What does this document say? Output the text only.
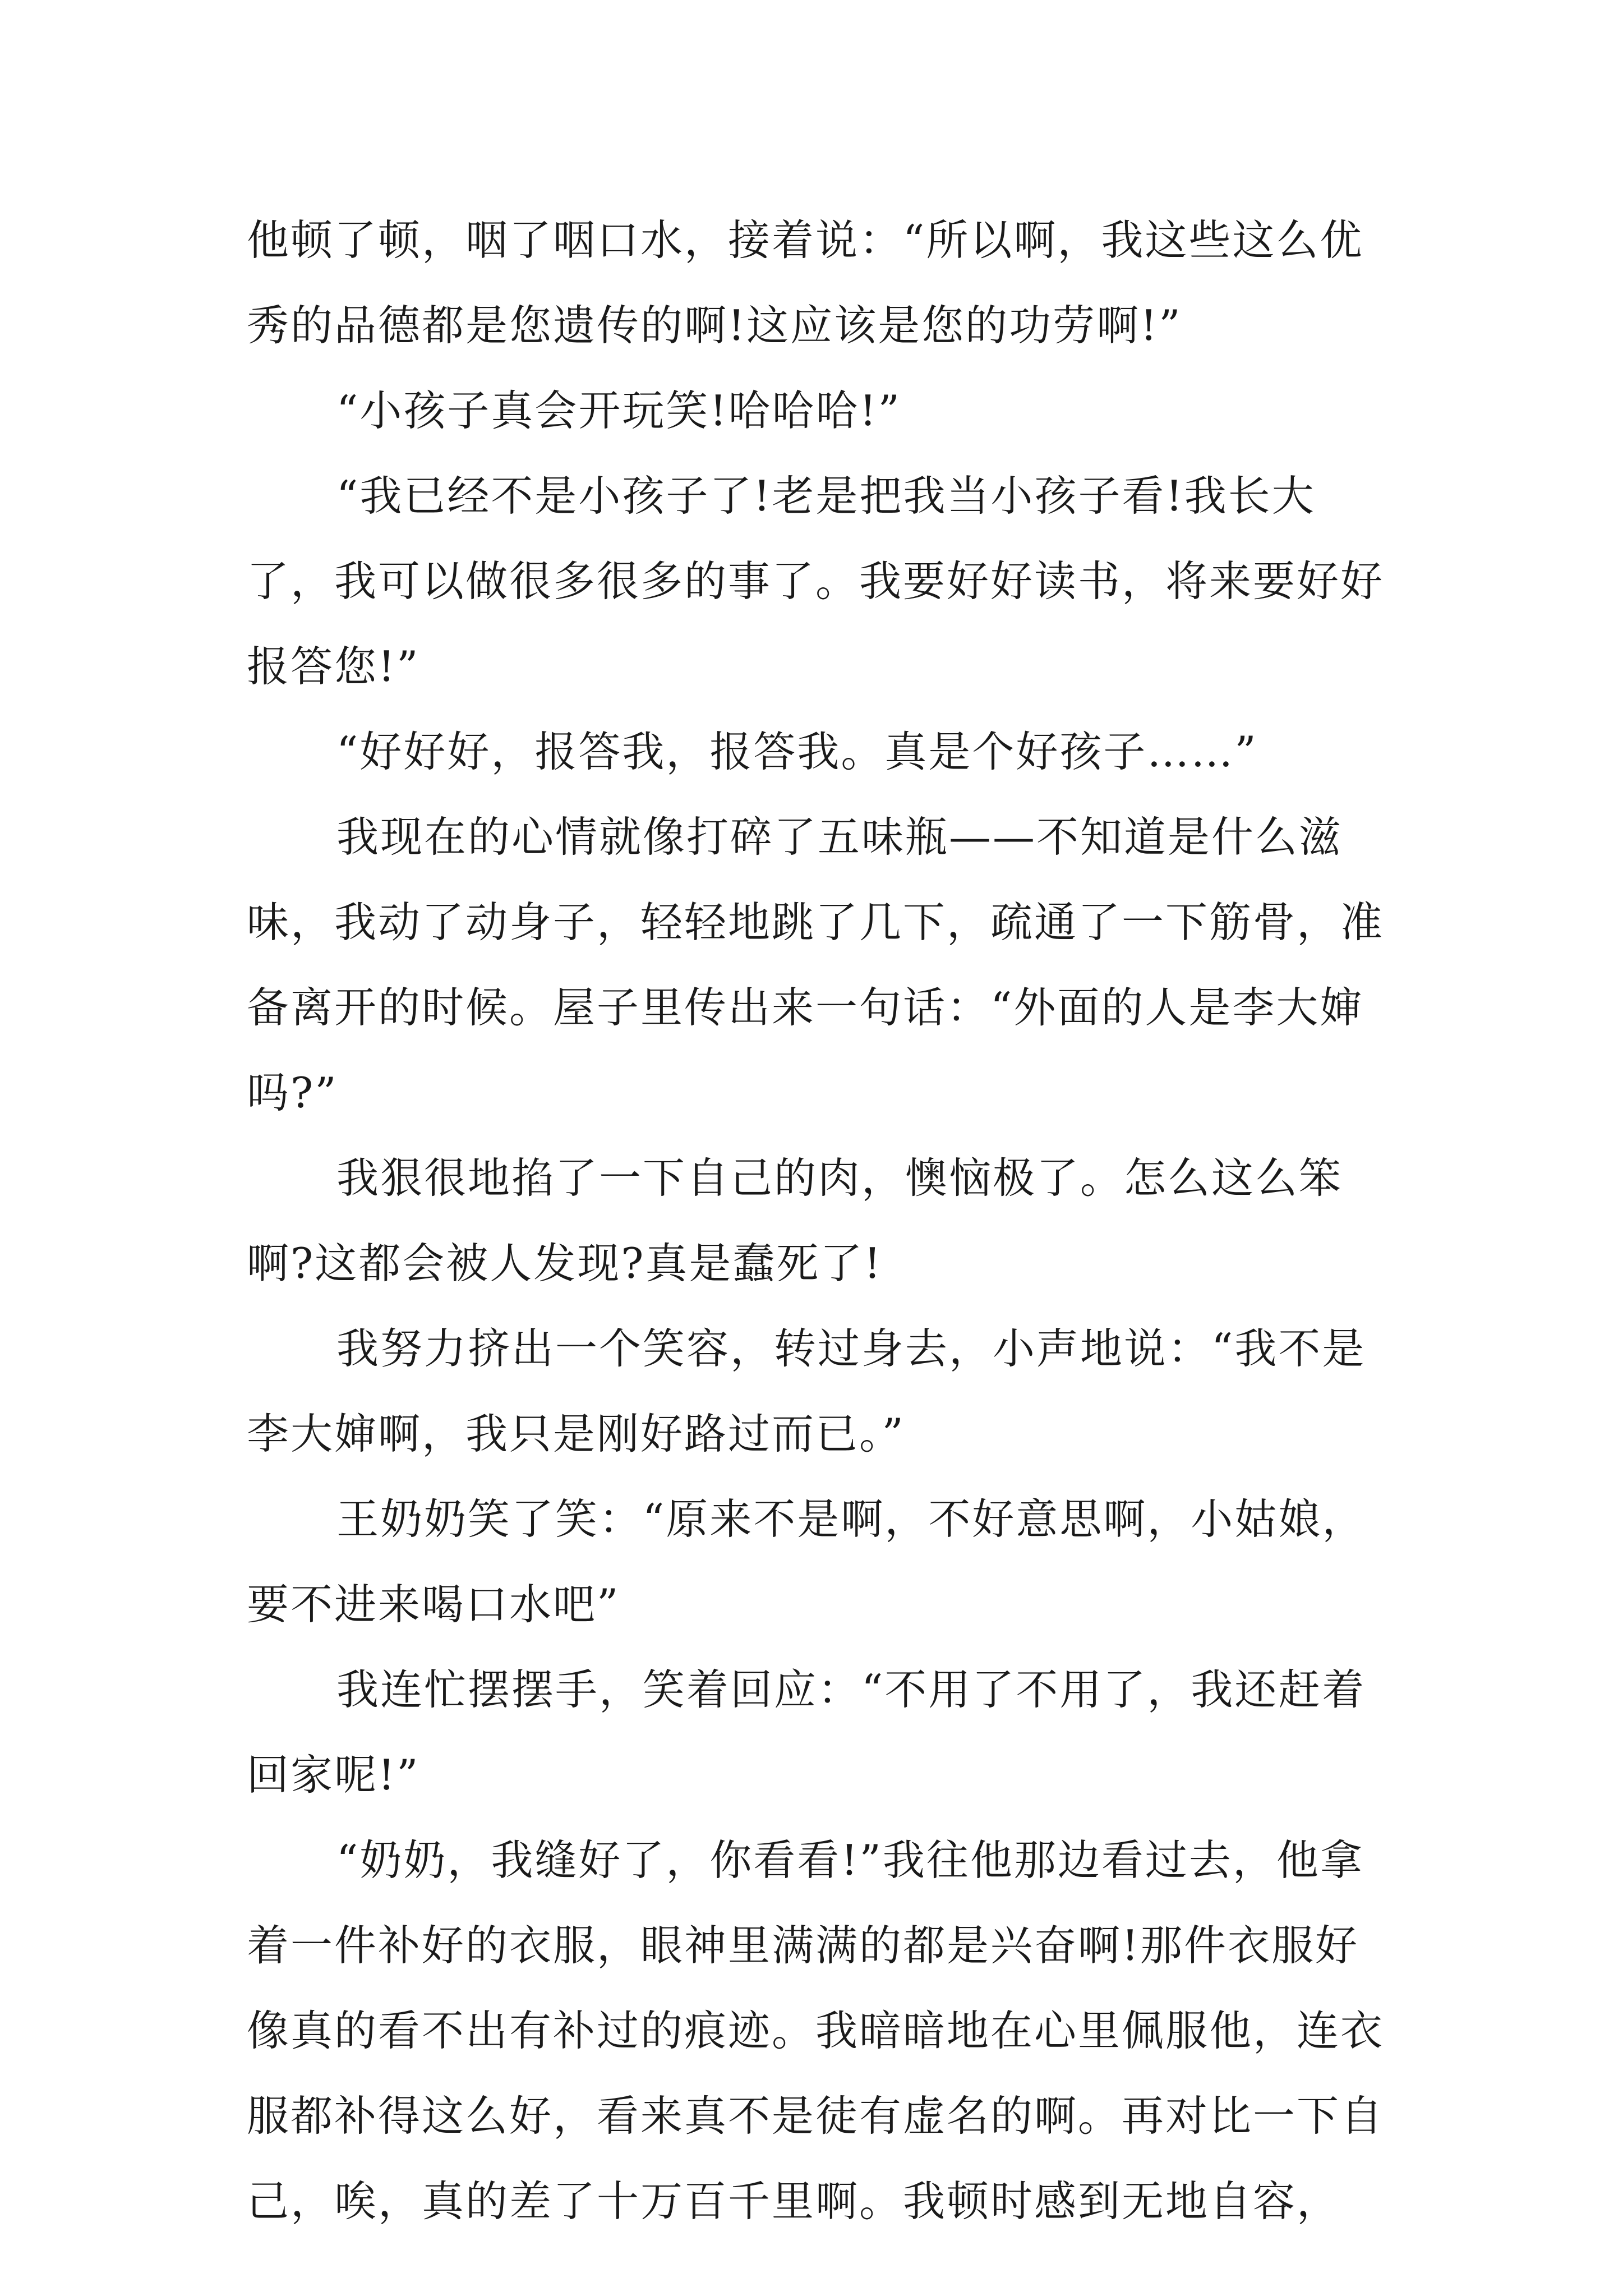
他顿了顿，咽了咽口水，接着说：“所以啊，我这些这么优秀的品德都是您遗传的啊!这应该是您的功劳啊!”

“小孩子真会开玩笑!哈哈哈!”

“我已经不是小孩子了!老是把我当小孩子看!我长大了，我可以做很多很多的事了。我要好好读书，将来要好好报答您!”

“好好好，报答我，报答我。真是个好孩子……”

我现在的心情就像打碎了五味瓶——不知道是什么滋味，我动了动身子，轻轻地跳了几下，疏通了一下筋骨，准备离开的时候。屋子里传出来一句话：“外面的人是李大婶吗?”

我狠很地掐了一下自己的肉，懊恼极了。怎么这么笨啊?这都会被人发现?真是蠢死了!

我努力挤出一个笑容，转过身去，小声地说：“我不是李大婶啊，我只是刚好路过而已。”

王奶奶笑了笑：“原来不是啊，不好意思啊，小姑娘，要不进来喝口水吧”

我连忙摆摆手，笑着回应：“不用了不用了，我还赶着回家呢!”

“奶奶，我缝好了，你看看!”我往他那边看过去，他拿着一件补好的衣服，眼神里满满的都是兴奋啊!那件衣服好像真的看不出有补过的痕迹。我暗暗地在心里佩服他，连衣服都补得这么好，看来真不是徒有虚名的啊。再对比一下自己，唉，真的差了十万百千里啊。我顿时感到无地自容，
